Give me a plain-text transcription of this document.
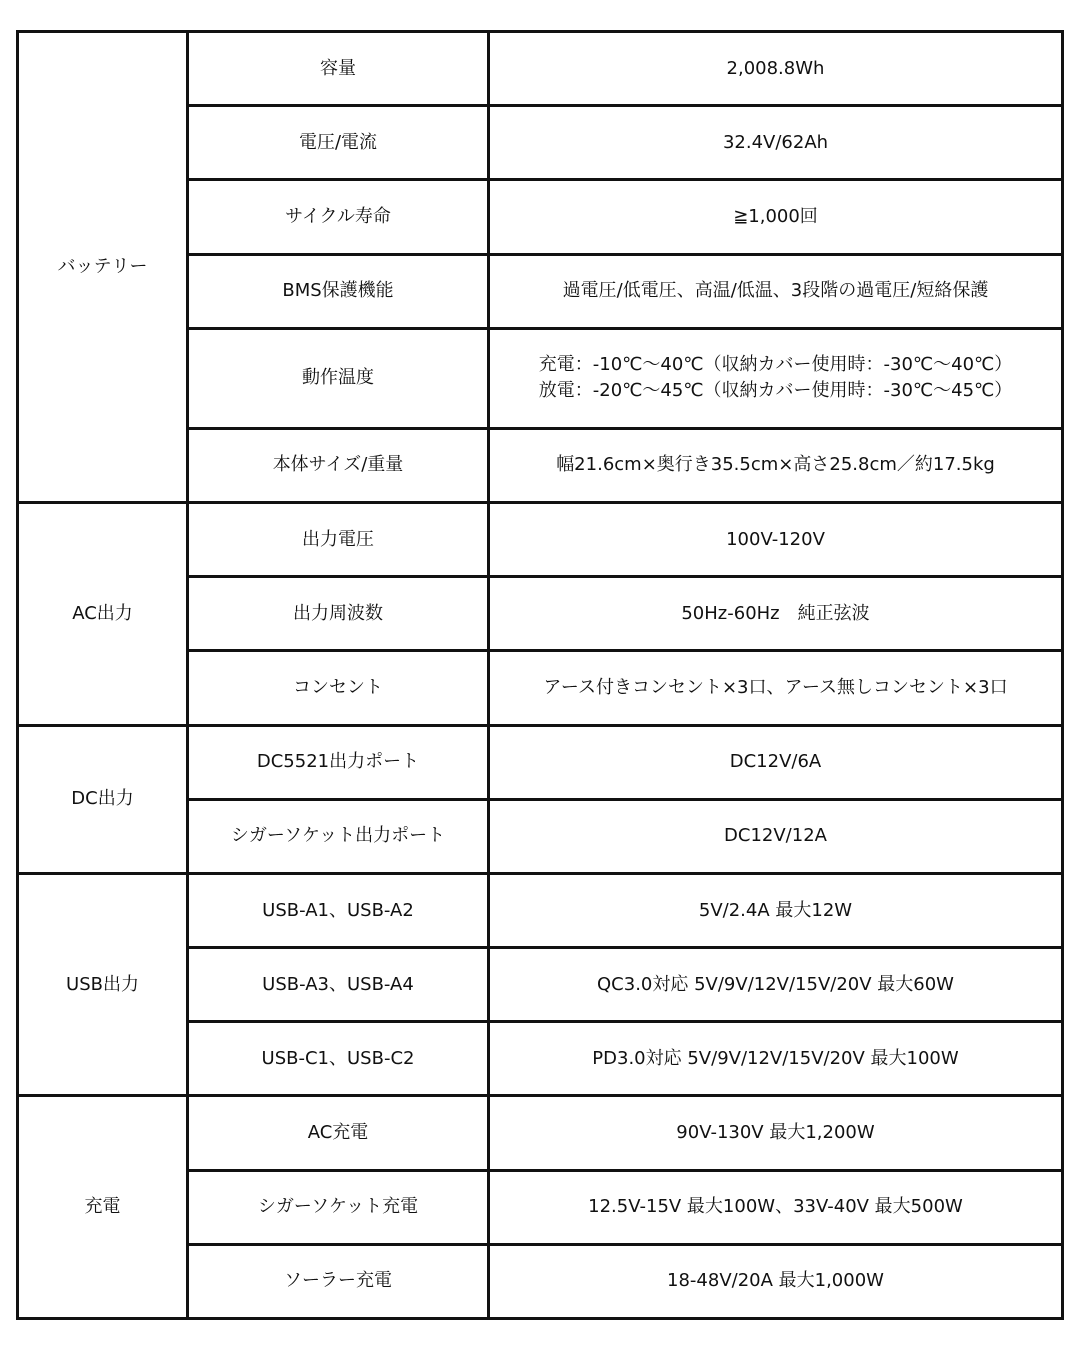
バッテリー	容量	2,008.8Wh

	電圧/電流	32.4V/62Ah

	サイクル寿命	≧1,000回

	BMS保護機能	過電圧/低電圧、高温/低温、3段階の過電圧/短絡保護

	動作温度	充電：-10℃〜40℃（収納カバー使用時：-30℃〜40℃）
放電：-20℃〜45℃（収納カバー使用時：-30℃〜45℃）

	本体サイズ/重量	幅21.6cm×奥行き35.5cm×高さ25.8cm／約17.5kg

AC出力	出力電圧	100V-120V

	出力周波数	50Hz-60Hz　純正弦波

	コンセント	アース付きコンセント×3口、アース無しコンセント×3口

DC出力	DC5521出力ポート	DC12V/6A

	シガーソケット出力ポート	DC12V/12A

USB出力	USB-A1、USB-A2	5V/2.4A 最大12W

	USB-A3、USB-A4	QC3.0対応 5V/9V/12V/15V/20V 最大60W

	USB-C1、USB-C2	PD3.0対応 5V/9V/12V/15V/20V 最大100W

充電	AC充電	90V-130V 最大1,200W

	シガーソケット充電	12.5V-15V 最大100W、33V-40V 最大500W

	ソーラー充電	18-48V/20A 最大1,000W
